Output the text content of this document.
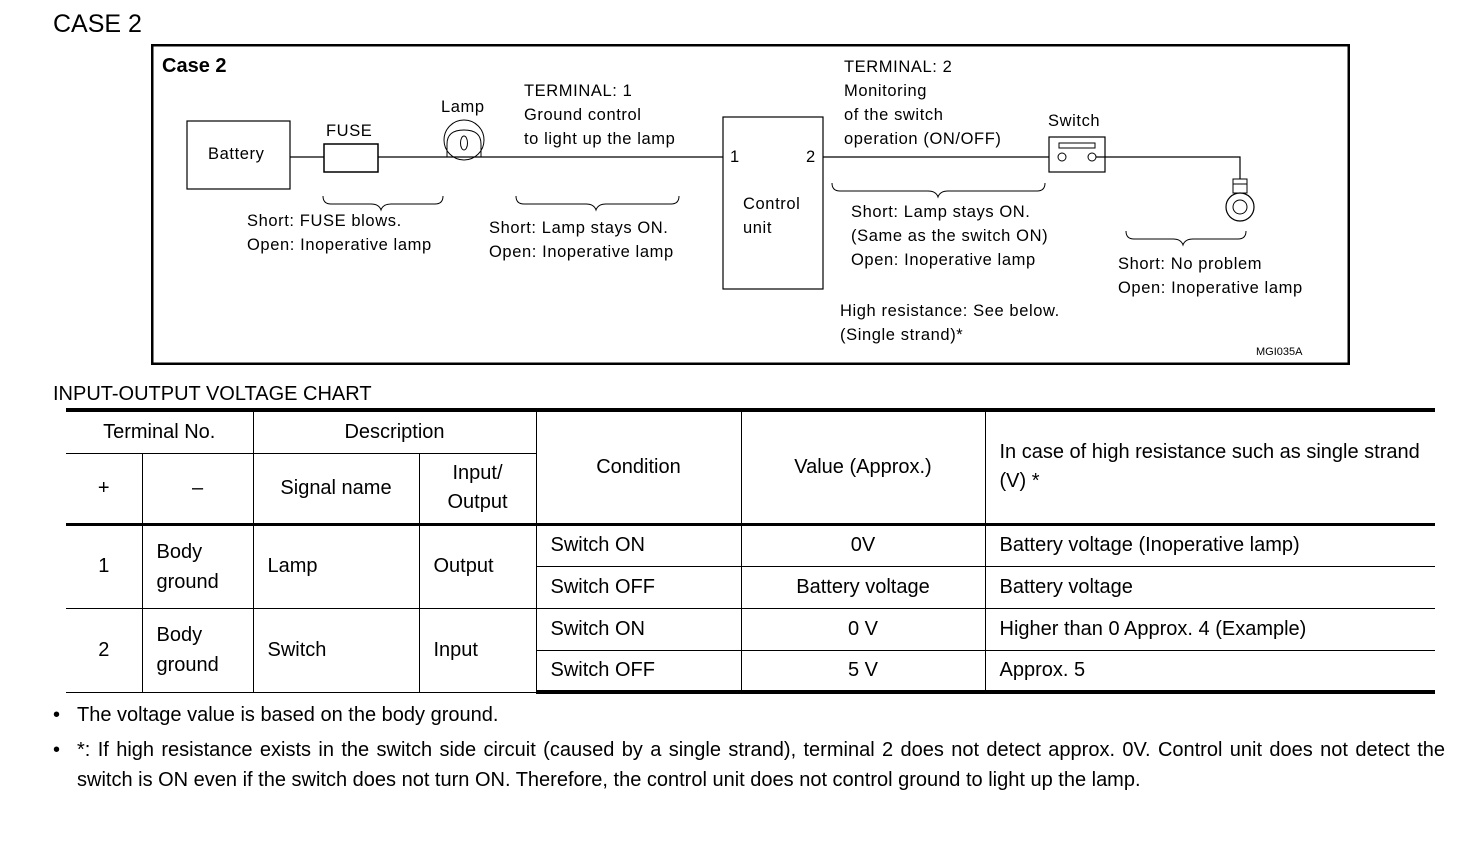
CASE 2
Case 2
Battery
FUSE
Lamp
TERMINAL: 1
Ground control
to light up the lamp
1	2
Control
unit
TERMINAL: 2
Monitoring
of the switch
operation (ON/OFF)
Switch
Short: FUSE blows.
Open: Inoperative lamp
Short: Lamp stays ON.
Open: Inoperative lamp
Short: Lamp stays ON.
(Same as the switch ON)
Open: Inoperative lamp
High resistance: See below.
(Single strand)*
Short: No problem
Open: Inoperative lamp
MGI035A
INPUT-OUTPUT VOLTAGE CHART
Terminal No.		Description		Condition	Value (Approx.)	In case of high resistance such as single strand (V) *
+	–	Signal name	Input/
Output			
1	Body ground	Lamp	Output	Switch ON	0V	Battery voltage (Inoperative lamp)
				Switch OFF	Battery voltage	Battery voltage
2	Body ground	Switch	Input	Switch ON	0 V	Higher than 0 Approx. 4 (Example)
				Switch OFF	5 V	Approx. 5
• The voltage value is based on the body ground.
• *: If high resistance exists in the switch side circuit (caused by a single strand), terminal 2 does not detect approx. 0V. Control unit does not detect the switch is ON even if the switch does not turn ON. Therefore, the control unit does not control ground to light up the lamp.
